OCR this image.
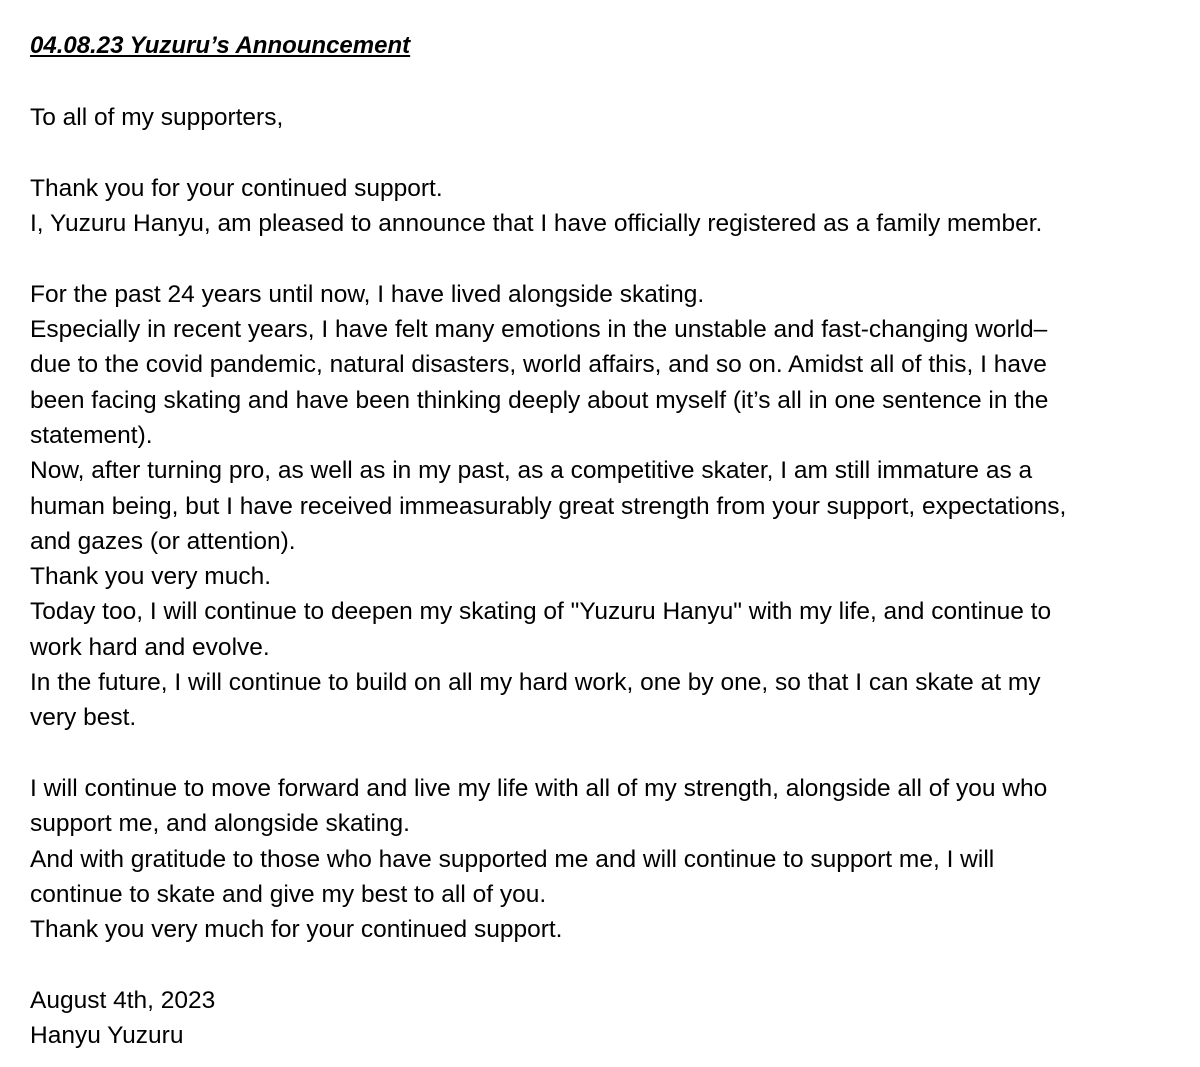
04.08.23 Yuzuru’s Announcement
To all of my supporters,
Thank you for your continued support.
I, Yuzuru Hanyu, am pleased to announce that I have officially registered as a family member.
For the past 24 years until now, I have lived alongside skating.
Especially in recent years, I have felt many emotions in the unstable and fast-changing world–
due to the covid pandemic, natural disasters, world affairs, and so on. Amidst all of this, I have
been facing skating and have been thinking deeply about myself (it’s all in one sentence in the
statement).
Now, after turning pro, as well as in my past, as a competitive skater, I am still immature as a
human being, but I have received immeasurably great strength from your support, expectations,
and gazes (or attention).
Thank you very much.
Today too, I will continue to deepen my skating of "Yuzuru Hanyu" with my life, and continue to
work hard and evolve.
In the future, I will continue to build on all my hard work, one by one, so that I can skate at my
very best.
I will continue to move forward and live my life with all of my strength, alongside all of you who
support me, and alongside skating.
And with gratitude to those who have supported me and will continue to support me, I will
continue to skate and give my best to all of you.
Thank you very much for your continued support.
August 4th, 2023
Hanyu Yuzuru
